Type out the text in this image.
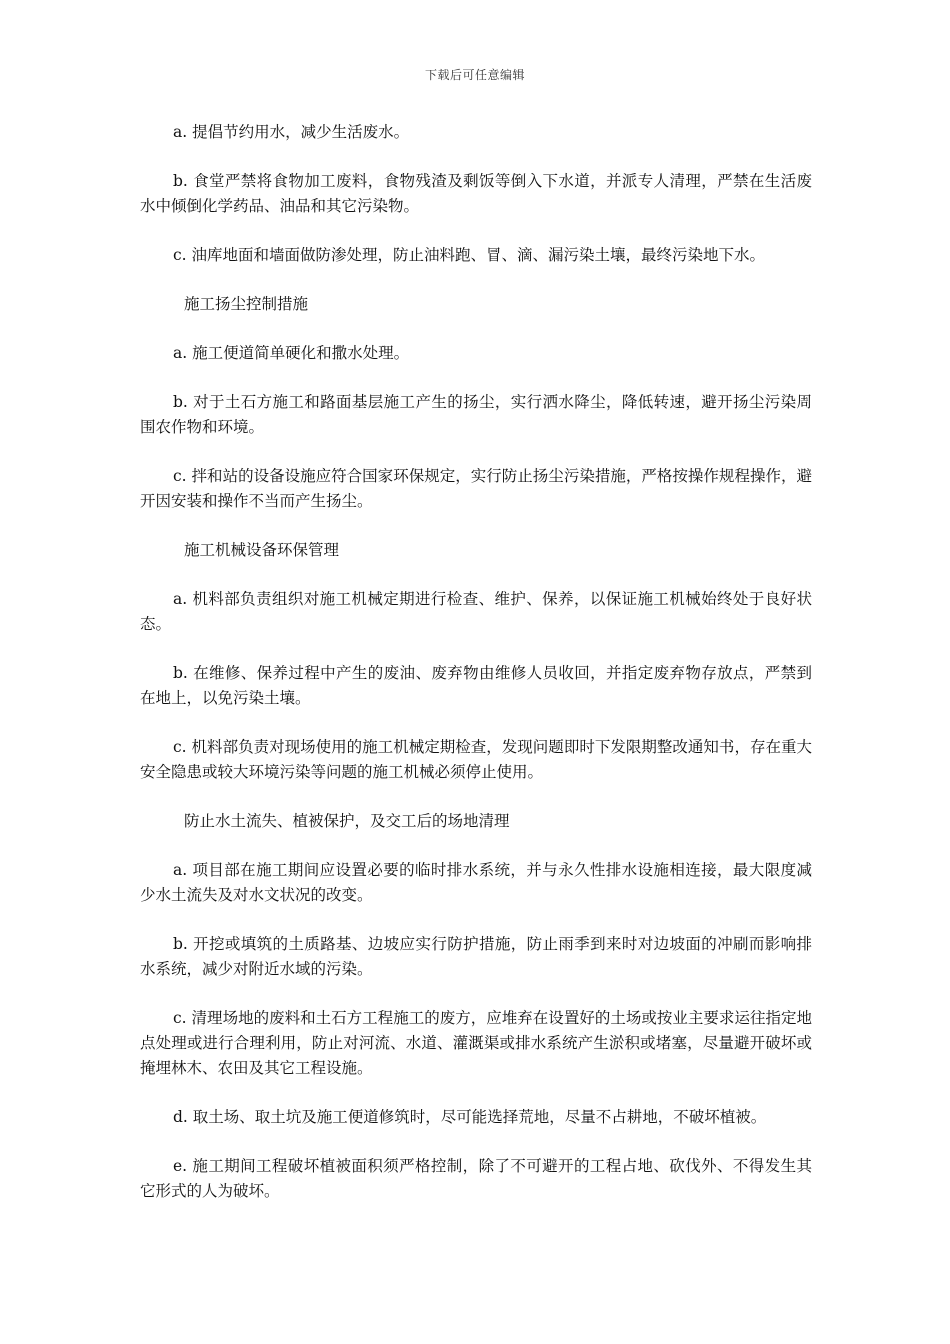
下载后可任意编辑

a. 提倡节约用水，减少生活废水。

b. 食堂严禁将食物加工废料，食物残渣及剩饭等倒入下水道，并派专人清理，严禁在生活废水中倾倒化学药品、油品和其它污染物。

c. 油库地面和墙面做防渗处理，防止油料跑、冒、滴、漏污染土壤，最终污染地下水。

施工扬尘控制措施

a. 施工便道简单硬化和撒水处理。

b. 对于土石方施工和路面基层施工产生的扬尘，实行洒水降尘，降低转速，避开扬尘污染周围农作物和环境。

c. 拌和站的设备设施应符合国家环保规定，实行防止扬尘污染措施，严格按操作规程操作，避开因安装和操作不当而产生扬尘。

施工机械设备环保管理

a. 机料部负责组织对施工机械定期进行检查、维护、保养，以保证施工机械始终处于良好状态。

b. 在维修、保养过程中产生的废油、废弃物由维修人员收回，并指定废弃物存放点，严禁到在地上，以免污染土壤。

c. 机料部负责对现场使用的施工机械定期检查，发现问题即时下发限期整改通知书，存在重大安全隐患或较大环境污染等问题的施工机械必须停止使用。

防止水土流失、植被保护，及交工后的场地清理

a. 项目部在施工期间应设置必要的临时排水系统，并与永久性排水设施相连接，最大限度减少水土流失及对水文状况的改变。

b. 开挖或填筑的土质路基、边坡应实行防护措施，防止雨季到来时对边坡面的冲刷而影响排水系统，减少对附近水域的污染。

c. 清理场地的废料和土石方工程施工的废方，应堆弃在设置好的土场或按业主要求运往指定地点处理或进行合理利用，防止对河流、水道、灌溉渠或排水系统产生淤积或堵塞，尽量避开破坏或掩埋林木、农田及其它工程设施。

d. 取土场、取土坑及施工便道修筑时，尽可能选择荒地，尽量不占耕地，不破坏植被。

e. 施工期间工程破坏植被面积须严格控制，除了不可避开的工程占地、砍伐外、不得发生其它形式的人为破坏。
